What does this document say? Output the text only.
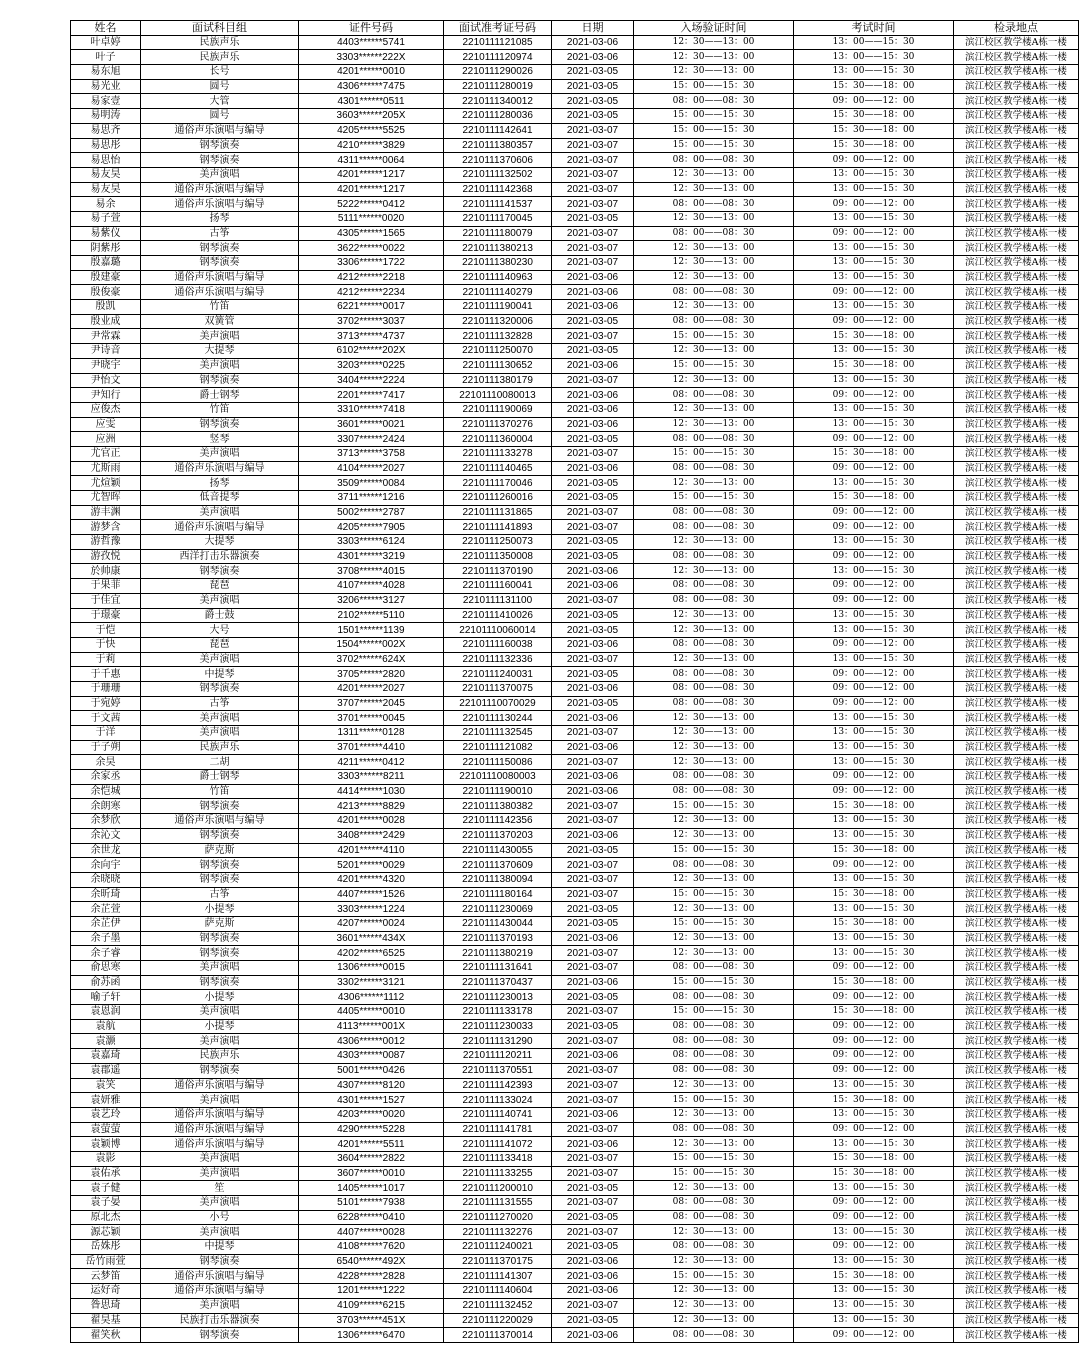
姓名	面试科目组	证件号码	面试准考证号码	日期	入场验证时间	考试时间	检录地点
叶卓婷	民族声乐	4403******5741	2210111121085	2021-03-06	12：30——13：00	13：00——15：30	滨江校区教学楼A栋一楼
叶子	民族声乐	3303******222X	2210111120974	2021-03-06	12：30——13：00	13：00——15：30	滨江校区教学楼A栋一楼
易东旭	长号	4201******0010	2210111290026	2021-03-05	12：30——13：00	13：00——15：30	滨江校区教学楼A栋一楼
易光业	圆号	4306******7475	2210111280019	2021-03-05	15：00——15：30	15：30——18：00	滨江校区教学楼A栋一楼
易家壹	大管	4301******0511	2210111340012	2021-03-05	08：00——08：30	09：00——12：00	滨江校区教学楼A栋一楼
易明涛	圆号	3603******205X	2210111280036	2021-03-05	15：00——15：30	15：30——18：00	滨江校区教学楼A栋一楼
易思齐	通俗声乐演唱与编导	4205******5525	2210111142641	2021-03-07	15：00——15：30	15：30——18：00	滨江校区教学楼A栋一楼
易思彤	钢琴演奏	4210******3829	2210111380357	2021-03-07	15：00——15：30	15：30——18：00	滨江校区教学楼A栋一楼
易思怡	钢琴演奏	4311******0064	2210111370606	2021-03-07	08：00——08：30	09：00——12：00	滨江校区教学楼A栋一楼
易友昊	美声演唱	4201******1217	2210111132502	2021-03-07	12：30——13：00	13：00——15：30	滨江校区教学楼A栋一楼
易友昊	通俗声乐演唱与编导	4201******1217	2210111142368	2021-03-07	12：30——13：00	13：00——15：30	滨江校区教学楼A栋一楼
易余	通俗声乐演唱与编导	5222******0412	2210111141537	2021-03-07	08：00——08：30	09：00——12：00	滨江校区教学楼A栋一楼
易子萱	扬琴	5111******0020	2210111170045	2021-03-05	12：30——13：00	13：00——15：30	滨江校区教学楼A栋一楼
易紫仪	古筝	4305******1565	2210111180079	2021-03-07	08：00——08：30	09：00——12：00	滨江校区教学楼A栋一楼
阴紫彤	钢琴演奏	3622******0022	2210111380213	2021-03-07	12：30——13：00	13：00——15：30	滨江校区教学楼A栋一楼
殷嘉璐	钢琴演奏	3306******1722	2210111380230	2021-03-07	12：30——13：00	13：00——15：30	滨江校区教学楼A栋一楼
殷建豪	通俗声乐演唱与编导	4212******2218	2210111140963	2021-03-06	12：30——13：00	13：00——15：30	滨江校区教学楼A栋一楼
殷俊豪	通俗声乐演唱与编导	4212******2234	2210111140279	2021-03-06	08：00——08：30	09：00——12：00	滨江校区教学楼A栋一楼
殷凯	竹笛	6221******0017	2210111190041	2021-03-06	12：30——13：00	13：00——15：30	滨江校区教学楼A栋一楼
殷业成	双簧管	3702******3037	2210111320006	2021-03-05	08：00——08：30	09：00——12：00	滨江校区教学楼A栋一楼
尹常霖	美声演唱	3713******4737	2210111132828	2021-03-07	15：00——15：30	15：30——18：00	滨江校区教学楼A栋一楼
尹诗音	大提琴	6102******202X	2210111250070	2021-03-05	12：30——13：00	13：00——15：30	滨江校区教学楼A栋一楼
尹晓宇	美声演唱	3203******0225	2210111130652	2021-03-06	15：00——15：30	15：30——18：00	滨江校区教学楼A栋一楼
尹怡文	钢琴演奏	3404******2224	2210111380179	2021-03-07	12：30——13：00	13：00——15：30	滨江校区教学楼A栋一楼
尹知行	爵士钢琴	2201******7417	22101110080013	2021-03-06	08：00——08：30	09：00——12：00	滨江校区教学楼A栋一楼
应俊杰	竹笛	3310******7418	2210111190069	2021-03-06	12：30——13：00	13：00——15：30	滨江校区教学楼A栋一楼
应雯	钢琴演奏	3601******0021	2210111370276	2021-03-06	12：30——13：00	13：00——15：30	滨江校区教学楼A栋一楼
应洲	竖琴	3307******2424	2210111360004	2021-03-05	08：00——08：30	09：00——12：00	滨江校区教学楼A栋一楼
尤官正	美声演唱	3713******3758	2210111133278	2021-03-07	15：00——15：30	15：30——18：00	滨江校区教学楼A栋一楼
尤斯雨	通俗声乐演唱与编导	4104******2027	2210111140465	2021-03-06	08：00——08：30	09：00——12：00	滨江校区教学楼A栋一楼
尤煊颖	扬琴	3509******0084	2210111170046	2021-03-05	12：30——13：00	13：00——15：30	滨江校区教学楼A栋一楼
尤智晖	低音提琴	3711******1216	2210111260016	2021-03-05	15：00——15：30	15：30——18：00	滨江校区教学楼A栋一楼
游丰渊	美声演唱	5002******2787	2210111131865	2021-03-07	08：00——08：30	09：00——12：00	滨江校区教学楼A栋一楼
游梦含	通俗声乐演唱与编导	4205******7905	2210111141893	2021-03-07	08：00——08：30	09：00——12：00	滨江校区教学楼A栋一楼
游哲豫	大提琴	3303******6124	2210111250073	2021-03-05	12：30——13：00	13：00——15：30	滨江校区教学楼A栋一楼
游孜悦	西洋打击乐器演奏	4301******3219	2210111350008	2021-03-05	08：00——08：30	09：00——12：00	滨江校区教学楼A栋一楼
於帅康	钢琴演奏	3708******4015	2210111370190	2021-03-06	12：30——13：00	13：00——15：30	滨江校区教学楼A栋一楼
于果菲	琵琶	4107******4028	2210111160041	2021-03-06	08：00——08：30	09：00——12：00	滨江校区教学楼A栋一楼
于佳宜	美声演唱	3206******3127	2210111131100	2021-03-07	08：00——08：30	09：00——12：00	滨江校区教学楼A栋一楼
于璟豪	爵士鼓	2102******5110	2210111410026	2021-03-05	12：30——13：00	13：00——15：30	滨江校区教学楼A栋一楼
于恺	大号	1501******1139	22101110060014	2021-03-05	12：30——13：00	13：00——15：30	滨江校区教学楼A栋一楼
于快	琵琶	1504******002X	2210111160038	2021-03-06	08：00——08：30	09：00——12：00	滨江校区教学楼A栋一楼
于莉	美声演唱	3702******624X	2210111132336	2021-03-07	12：30——13：00	13：00——15：30	滨江校区教学楼A栋一楼
于千惠	中提琴	3705******2820	2210111240031	2021-03-05	08：00——08：30	09：00——12：00	滨江校区教学楼A栋一楼
于珊珊	钢琴演奏	4201******2027	2210111370075	2021-03-06	08：00——08：30	09：00——12：00	滨江校区教学楼A栋一楼
于宛婷	古筝	3707******2045	22101110070029	2021-03-05	08：00——08：30	09：00——12：00	滨江校区教学楼A栋一楼
于文茜	美声演唱	3701******0045	2210111130244	2021-03-06	12：30——13：00	13：00——15：30	滨江校区教学楼A栋一楼
于洋	美声演唱	1311******0128	2210111132545	2021-03-07	12：30——13：00	13：00——15：30	滨江校区教学楼A栋一楼
于子朔	民族声乐	3701******4410	2210111121082	2021-03-06	12：30——13：00	13：00——15：30	滨江校区教学楼A栋一楼
余昊	二胡	4211******0412	2210111150086	2021-03-07	12：30——13：00	13：00——15：30	滨江校区教学楼A栋一楼
余家丞	爵士钢琴	3303******8211	22101110080003	2021-03-06	08：00——08：30	09：00——12：00	滨江校区教学楼A栋一楼
余恺城	竹笛	4414******1030	2210111190010	2021-03-06	08：00——08：30	09：00——12：00	滨江校区教学楼A栋一楼
余朗寒	钢琴演奏	4213******8829	2210111380382	2021-03-07	15：00——15：30	15：30——18：00	滨江校区教学楼A栋一楼
余梦欣	通俗声乐演唱与编导	4201******0028	2210111142356	2021-03-07	12：30——13：00	13：00——15：30	滨江校区教学楼A栋一楼
余沁文	钢琴演奏	3408******2429	2210111370203	2021-03-06	12：30——13：00	13：00——15：30	滨江校区教学楼A栋一楼
余世龙	萨克斯	4201******4110	2210111430055	2021-03-05	15：00——15：30	15：30——18：00	滨江校区教学楼A栋一楼
余向宇	钢琴演奏	5201******0029	2210111370609	2021-03-07	08：00——08：30	09：00——12：00	滨江校区教学楼A栋一楼
余晓晓	钢琴演奏	4201******4320	2210111380094	2021-03-07	12：30——13：00	13：00——15：30	滨江校区教学楼A栋一楼
余昕琦	古筝	4407******1526	2210111180164	2021-03-07	15：00——15：30	15：30——18：00	滨江校区教学楼A栋一楼
余芷萱	小提琴	3303******1224	2210111230069	2021-03-05	12：30——13：00	13：00——15：30	滨江校区教学楼A栋一楼
余芷伊	萨克斯	4207******0024	2210111430044	2021-03-05	15：00——15：30	15：30——18：00	滨江校区教学楼A栋一楼
余子墨	钢琴演奏	3601******434X	2210111370193	2021-03-06	12：30——13：00	13：00——15：30	滨江校区教学楼A栋一楼
余子睿	钢琴演奏	4202******6525	2210111380219	2021-03-07	12：30——13：00	13：00——15：30	滨江校区教学楼A栋一楼
俞思寒	美声演唱	1306******0015	2210111131641	2021-03-07	08：00——08：30	09：00——12：00	滨江校区教学楼A栋一楼
俞苏函	钢琴演奏	3302******3121	2210111370437	2021-03-06	15：00——15：30	15：30——18：00	滨江校区教学楼A栋一楼
喻子轩	小提琴	4306******1112	2210111230013	2021-03-05	08：00——08：30	09：00——12：00	滨江校区教学楼A栋一楼
袁恩润	美声演唱	4405******0010	2210111133178	2021-03-07	15：00——15：30	15：30——18：00	滨江校区教学楼A栋一楼
袁航	小提琴	4113******001X	2210111230033	2021-03-05	08：00——08：30	09：00——12：00	滨江校区教学楼A栋一楼
袁灏	美声演唱	4306******0012	2210111131290	2021-03-07	08：00——08：30	09：00——12：00	滨江校区教学楼A栋一楼
袁嘉琦	民族声乐	4303******0087	2210111120211	2021-03-06	08：00——08：30	09：00——12：00	滨江校区教学楼A栋一楼
袁郡遥	钢琴演奏	5001******0426	2210111370551	2021-03-07	08：00——08：30	09：00——12：00	滨江校区教学楼A栋一楼
袁笑	通俗声乐演唱与编导	4307******8120	2210111142393	2021-03-07	12：30——13：00	13：00——15：30	滨江校区教学楼A栋一楼
袁妍雅	美声演唱	4301******1527	2210111133024	2021-03-07	15：00——15：30	15：30——18：00	滨江校区教学楼A栋一楼
袁艺玲	通俗声乐演唱与编导	4203******0020	2210111140741	2021-03-06	12：30——13：00	13：00——15：30	滨江校区教学楼A栋一楼
袁萤萤	通俗声乐演唱与编导	4290******5228	2210111141781	2021-03-07	08：00——08：30	09：00——12：00	滨江校区教学楼A栋一楼
袁颖博	通俗声乐演唱与编导	4201******5511	2210111141072	2021-03-06	12：30——13：00	13：00——15：30	滨江校区教学楼A栋一楼
袁影	美声演唱	3604******2822	2210111133418	2021-03-07	15：00——15：30	15：30——18：00	滨江校区教学楼A栋一楼
袁佑承	美声演唱	3607******0010	2210111133255	2021-03-07	15：00——15：30	15：30——18：00	滨江校区教学楼A栋一楼
袁子健	笙	1405******1017	2210111200010	2021-03-05	12：30——13：00	13：00——15：30	滨江校区教学楼A栋一楼
袁子晏	美声演唱	5101******7938	2210111131555	2021-03-07	08：00——08：30	09：00——12：00	滨江校区教学楼A栋一楼
原北杰	小号	6228******0410	2210111270020	2021-03-05	08：00——08：30	09：00——12：00	滨江校区教学楼A栋一楼
源芯颖	美声演唱	4407******0028	2210111132276	2021-03-07	12：30——13：00	13：00——15：30	滨江校区教学楼A栋一楼
岳姝彤	中提琴	4108******7620	2210111240021	2021-03-05	08：00——08：30	09：00——12：00	滨江校区教学楼A栋一楼
岳竹雨萱	钢琴演奏	6540******492X	2210111370175	2021-03-06	12：30——13：00	13：00——15：30	滨江校区教学楼A栋一楼
云梦笛	通俗声乐演唱与编导	4228******2828	2210111141307	2021-03-06	15：00——15：30	15：30——18：00	滨江校区教学楼A栋一楼
运好奇	通俗声乐演唱与编导	1201******1222	2210111140604	2021-03-06	12：30——13：00	13：00——15：30	滨江校区教学楼A栋一楼
昝思琦	美声演唱	4109******6215	2210111132452	2021-03-07	12：30——13：00	13：00——15：30	滨江校区教学楼A栋一楼
翟昊基	民族打击乐器演奏	3703******451X	2210111220029	2021-03-05	12：30——13：00	13：00——15：30	滨江校区教学楼A栋一楼
翟笑秋	钢琴演奏	1306******6470	2210111370014	2021-03-06	08：00——08：30	09：00——12：00	滨江校区教学楼A栋一楼
